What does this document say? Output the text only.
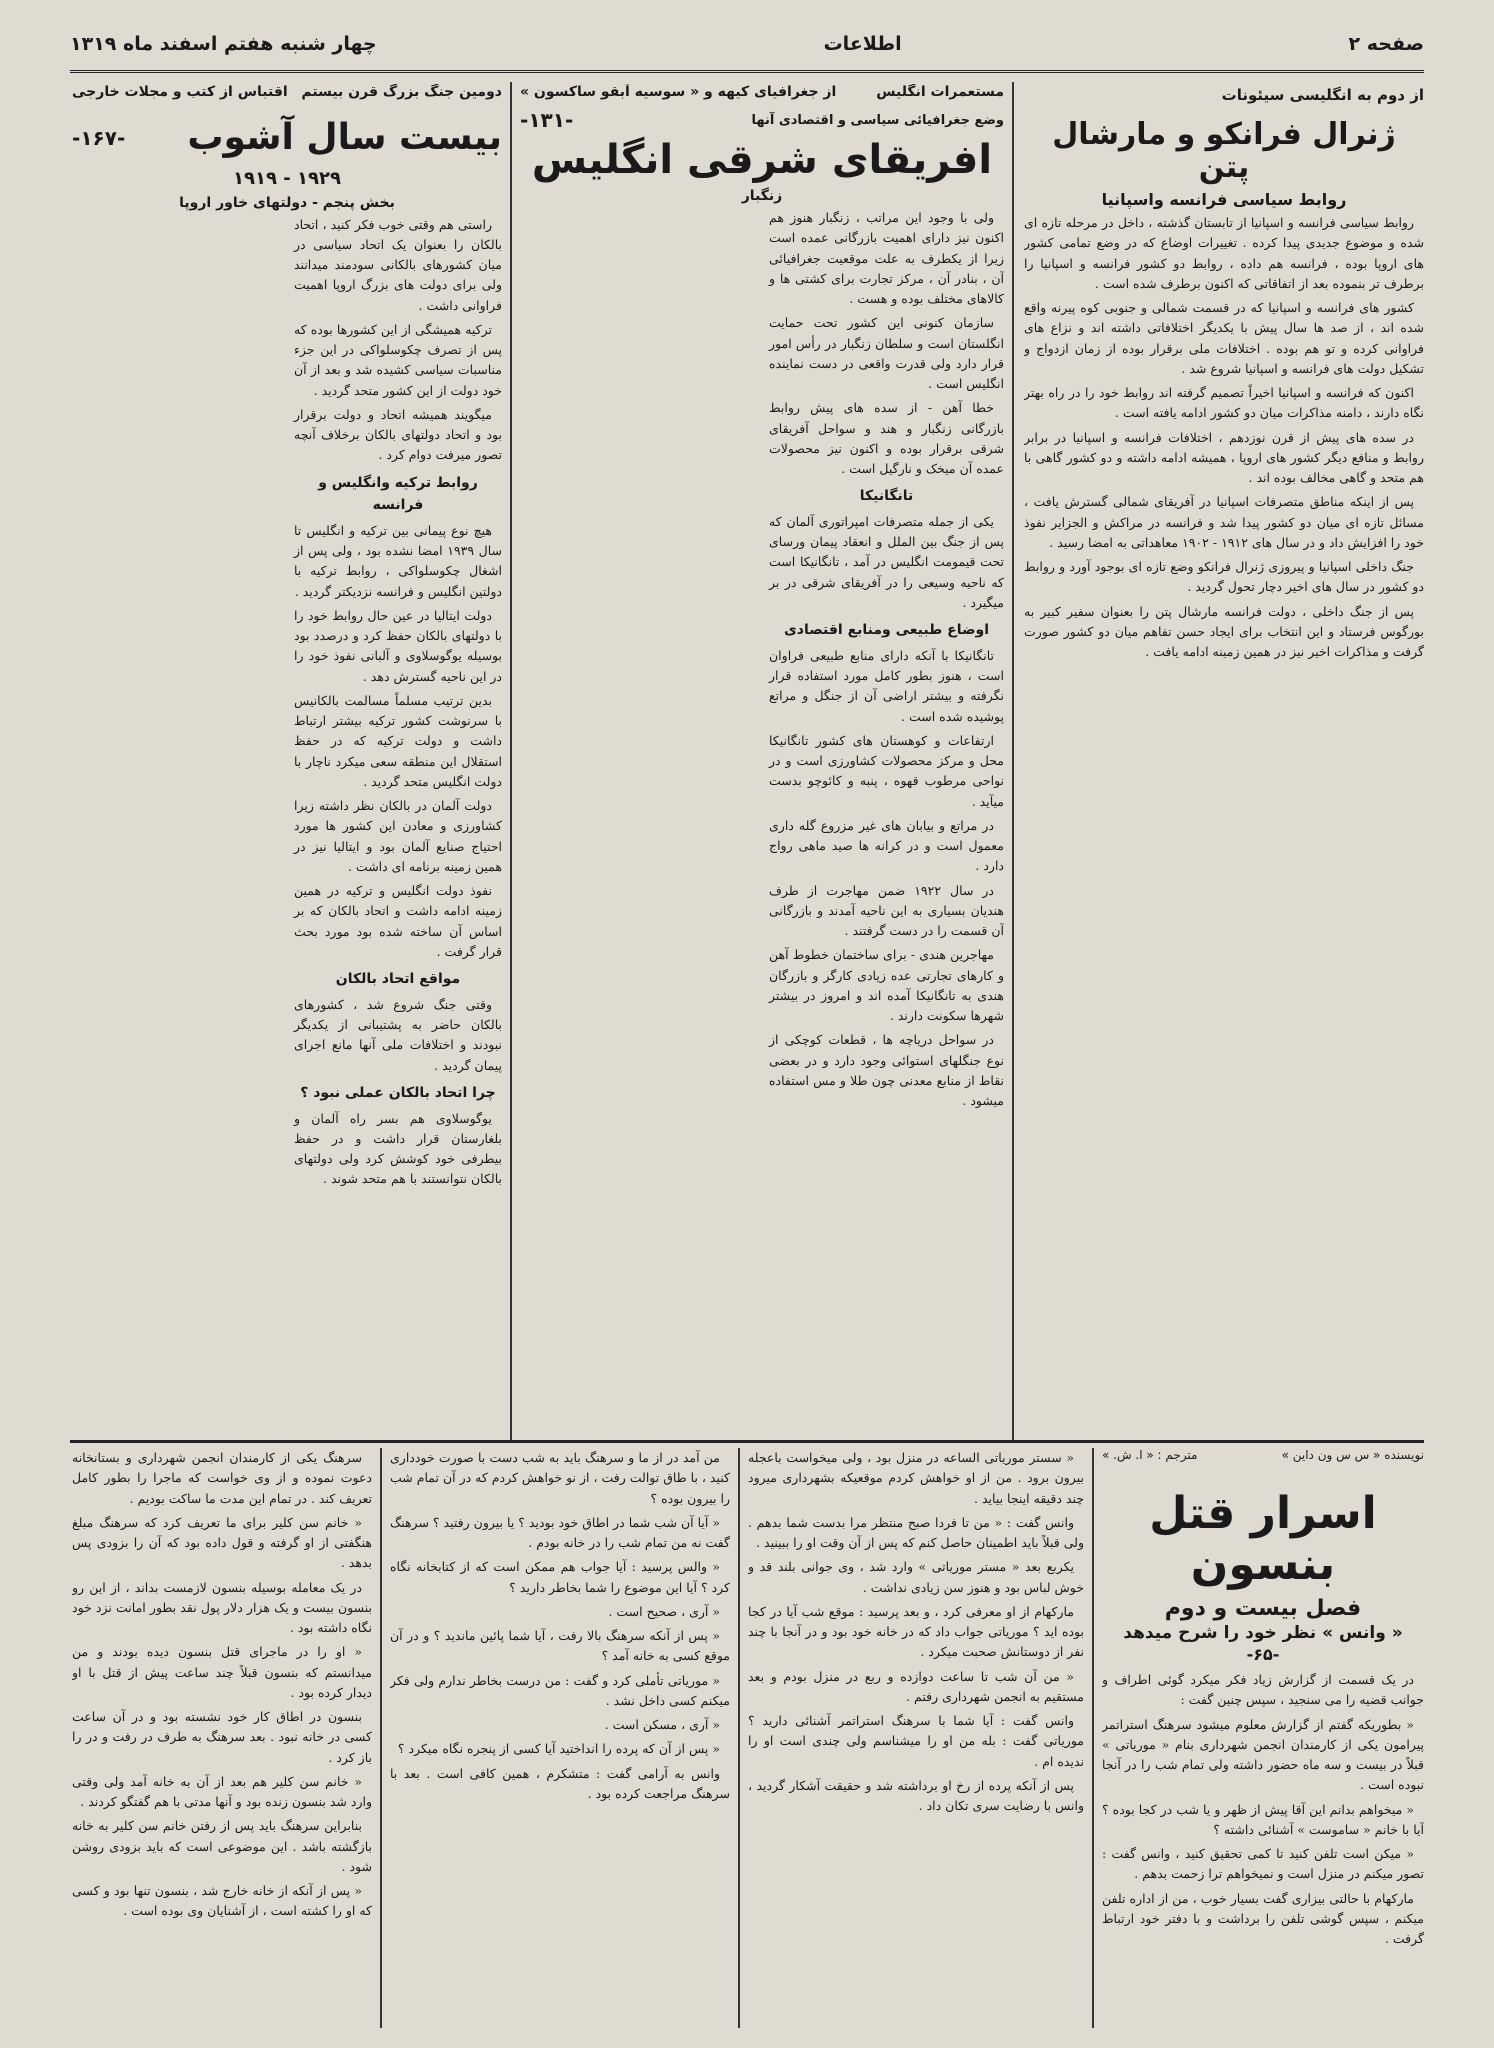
صفحه ۲
اطلاعات
چهار شنبه هفتم اسفند ماه ۱۳۱۹
از دوم به انگلیسی سیئونات
ژنرال فرانکو و مارشال پتن
روابط سیاسی فرانسه واسپانیا

روابط سیاسی فرانسه و اسپانیا از تابستان گذشته ، داخل در مرحله تازه ای شده و موضوع جدیدی پیدا کرده . تغییرات اوضاع که در وضع تمامی کشور های اروپا بوده ، فرانسه هم داده ، روابط دو کشور فرانسه و اسپانیا را برطرف تر بنموده بعد از اتفاقاتی که اکنون برطرف شده است .

کشور های فرانسه و اسپانیا که در قسمت شمالی و جنوبی کوه پیرنه واقع شده اند ، از صد ها سال پیش با یکدیگر اختلافاتی داشته اند و نزاع های فراوانی کرده و تو هم بوده . اختلافات ملی برقرار بوده از زمان ازدواج و تشکیل دولت های فرانسه و اسپانیا شروع شد .

اکنون که فرانسه و اسپانیا اخیراً تصمیم گرفته اند روابط خود را در راه بهتر نگاه دارند ، دامنه مذاکرات میان دو کشور ادامه یافته است .

در سده های پیش از قرن نوزدهم ، اختلافات فرانسه و اسپانیا در برابر روابط و منافع دیگر کشور های اروپا ، همیشه ادامه داشته و دو کشور گاهی با هم متحد و گاهی مخالف بوده اند .

پس از اینکه مناطق متصرفات اسپانیا در آفریقای شمالی گسترش یافت ، مسائل تازه ای میان دو کشور پیدا شد و فرانسه در مراکش و الجزایر نفوذ خود را افزایش داد و در سال های ۱۹۱۲ - ۱۹۰۲ معاهداتی به امضا رسید .

جنگ داخلی اسپانیا و پیروزی ژنرال فرانکو وضع تازه ای بوجود آورد و روابط دو کشور در سال های اخیر دچار تحول گردید .

پس از جنگ داخلی ، دولت فرانسه مارشال پتن را بعنوان سفیر کبیر به بورگوس فرستاد و این انتخاب برای ایجاد حسن تفاهم میان دو کشور صورت گرفت و مذاکرات اخیر نیز در همین زمینه ادامه یافت .

مستعمرات انگلیس
از جغرافیای کیهه و « سوسیه آبقو ساکسون »
وضع جغرافیائی سیاسی و اقتصادی آنها
-۱۳۱-
افریقای شرقی انگلیس
زنگبار

ولی با وجود این مراتب ، زنگبار هنوز هم اکنون نیز دارای اهمیت بازرگانی عمده است زیرا از یکطرف به علت موقعیت جغرافیائی آن ، بنادر آن ، مرکز تجارت برای کشتی ها و کالاهای مختلف بوده و هست .

سازمان کنونی این کشور تحت حمایت انگلستان است و سلطان زنگبار در رأس امور قرار دارد ولی قدرت واقعی در دست نماینده انگلیس است .

خطا آهن - از سده های پیش روابط بازرگانی زنگبار و هند و سواحل آفریقای شرقی برقرار بوده و اکنون نیز محصولات عمده آن میخک و نارگیل است .

تانگانیکا

یکی از جمله متصرفات امپراتوری آلمان که پس از جنگ بین الملل و انعقاد پیمان ورسای تحت قیمومت انگلیس در آمد ، تانگانیکا است که ناحیه وسیعی را در آفریقای شرقی در بر میگیرد .

اوضاع طبیعی ومنابع اقتصادی

تانگانیکا با آنکه دارای منابع طبیعی فراوان است ، هنوز بطور کامل مورد استفاده قرار نگرفته و بیشتر اراضی آن از جنگل و مراتع پوشیده شده است .

ارتفاعات و کوهستان های کشور تانگانیکا محل و مرکز محصولات کشاورزی است و در نواحی مرطوب قهوه ، پنبه و کائوچو بدست میآید .

در مراتع و بیابان های غیر مزروع گله داری معمول است و در کرانه ها صید ماهی رواج دارد .

در سال ۱۹۲۲ ضمن مهاجرت از طرف هندیان بسیاری به این ناحیه آمدند و بازرگانی آن قسمت را در دست گرفتند .

مهاجرین هندی - برای ساختمان خطوط آهن و کارهای تجارتی عده زیادی کارگر و بازرگان هندی به تانگانیکا آمده اند و امروز در بیشتر شهرها سکونت دارند .

در سواحل دریاچه ها ، قطعات کوچکی از نوع جنگلهای استوائی وجود دارد و در بعضی نقاط از منابع معدنی چون طلا و مس استفاده میشود .

دومین جنگ بزرگ قرن بیستم
اقتباس از کتب و مجلات خارجی
بیست سال آشوب
-۱۶۷-
۱۹۲۹ - ۱۹۱۹
بخش پنجم - دولتهای خاور اروپا

راستی هم وقتی خوب فکر کنید ، اتحاد بالکان را بعنوان یک اتحاد سیاسی در میان کشورهای بالکانی سودمند میدانند ولی برای دولت های بزرگ اروپا اهمیت فراوانی داشت .

ترکیه همیشگی از این کشورها بوده که پس از تصرف چکوسلواکی در این جزء مناسبات سیاسی کشیده شد و بعد از آن خود دولت از این کشور متحد گردید .

میگویند همیشه اتحاد و دولت برقرار بود و اتحاد دولتهای بالکان برخلاف آنچه تصور میرفت دوام کرد .

روابط ترکیه وانگلیس و فرانسه

هیچ نوع پیمانی بین ترکیه و انگلیس تا سال ۱۹۳۹ امضا نشده بود ، ولی پس از اشغال چکوسلواکی ، روابط ترکیه با دولتین انگلیس و فرانسه نزدیکتر گردید .

دولت ایتالیا در عین حال روابط خود را با دولتهای بالکان حفظ کرد و درصدد بود بوسیله یوگوسلاوی و آلبانی نفوذ خود را در این ناحیه گسترش دهد .

بدین ترتیب مسلماً مسالمت بالکانیس با سرنوشت کشور ترکیه بیشتر ارتباط داشت و دولت ترکیه که در حفظ استقلال این منطقه سعی میکرد ناچار با دولت انگلیس متحد گردید .

دولت آلمان در بالکان نظر داشته زیرا کشاورزی و معادن این کشور ها مورد احتیاج صنایع آلمان بود و ایتالیا نیز در همین زمینه برنامه ای داشت .

نفوذ دولت انگلیس و ترکیه در همین زمینه ادامه داشت و اتحاد بالکان که بر اساس آن ساخته شده بود مورد بحث قرار گرفت .

مواقع اتحاد بالکان

وقتی جنگ شروع شد ، کشورهای بالکان حاضر به پشتیبانی از یکدیگر نبودند و اختلافات ملی آنها مانع اجرای پیمان گردید .

چرا اتحاد بالکان عملی نبود ؟

یوگوسلاوی هم بسر راه آلمان و بلغارستان قرار داشت و در حفظ بیطرفی خود کوشش کرد ولی دولتهای بالکان نتوانستند با هم متحد شوند .

نویسنده « س س ون داین »
مترجم : « ا. ش. »
اسرار قتل بنسون
فصل بیست و دوم
« وانس » نظر خود را شرح میدهد
-۶۵-

در یک قسمت از گزارش زیاد فکر میکرد گوئی اطراف و جوانب قضیه را می سنجید ، سپس چنین گفت :

« بطوریکه گفتم از گزارش معلوم میشود سرهنگ استراتمر پیرامون یکی از کارمندان انجمن شهرداری بنام « موریاتی » قبلاً در بیست و سه ماه حضور داشته ولی تمام شب را در آنجا نبوده است .

« میخواهم بدانم این آقا پیش از ظهر و یا شب در کجا بوده ؟ آیا با خانم « ساموست » آشنائی داشته ؟

« میکن است تلفن کنید تا کمی تحقیق کنید ، وانس گفت : تصور میکنم در منزل است و نمیخواهم ترا زحمت بدهم .

مارکهام با حالتی بیزاری گفت بسیار خوب ، من از اداره تلفن میکنم ، سپس گوشی تلفن را برداشت و با دفتر خود ارتباط گرفت .

« سستر موریاتی الساعه در منزل بود ، ولی میخواست باعجله بیرون برود . من از او خواهش کردم موقعیکه بشهرداری میرود چند دقیقه اینجا بیاید .

وانس گفت : « من تا فردا صبح منتظر مرا بدست شما بدهم . ولی قبلاً باید اطمینان حاصل کنم که پس از آن وقت او را ببینید .

یکربع بعد « مستر موریاتی » وارد شد ، وی جوانی بلند قد و خوش لباس بود و هنوز سن زیادی نداشت .

مارکهام از او معرفی کرد ، و بعد پرسید : موقع شب آیا در کجا بوده اید ؟ موریاتی جواب داد که در خانه خود بود و در آنجا با چند نفر از دوستانش صحبت میکرد .

« من آن شب تا ساعت دوازده و ربع در منزل بودم و بعد مستقیم به انجمن شهرداری رفتم .

وانس گفت : آیا شما با سرهنگ استراتمر آشنائی دارید ؟ موریاتی گفت : بله من او را میشناسم ولی چندی است او را ندیده ام .

پس از آنکه پرده از رخ او برداشته شد و حقیقت آشکار گردید ، وانس با رضایت سری تکان داد .

من آمد در از ما و سرهنگ باید به شب دست با صورت خودداری کنید ، با طاق توالت رفت ، از نو خواهش کردم که در آن تمام شب را بیرون بوده ؟

« آیا آن شب شما در اطاق خود بودید ؟ یا بیرون رفتید ؟ سرهنگ گفت نه من تمام شب را در خانه بودم .

« والس پرسید : آیا جواب هم ممکن است که از کتابخانه نگاه کرد ؟ آیا این موضوع را شما بخاطر دارید ؟

« آری ، صحیح است .

« پس از آنکه سرهنگ بالا رفت ، آیا شما پائین ماندید ؟ و در آن موقع کسی به خانه آمد ؟

« موریاتی تأملی کرد و گفت : من درست بخاطر ندارم ولی فکر میکنم کسی داخل نشد .

« آری ، مسکن است .

« پس از آن که پرده را انداختید آیا کسی از پنجره نگاه میکرد ؟

وانس به آرامی گفت : متشکرم ، همین کافی است . بعد با سرهنگ مراجعت کرده بود .

سرهنگ یکی از کارمندان انجمن شهرداری و بستانخانه دعوت نموده و از وی خواست که ماجرا را بطور کامل تعریف کند . در تمام این مدت ما ساکت بودیم .

« خانم سن کلیر برای ما تعریف کرد که سرهنگ مبلغ هنگفتی از او گرفته و قول داده بود که آن را بزودی پس بدهد .

در یک معامله بوسیله بنسون لازمست بداند ، از این رو بنسون بیست و یک هزار دلار پول نقد بطور امانت نزد خود نگاه داشته بود .

« او را در ماجرای قتل بنسون دیده بودند و من میدانستم که بنسون قبلاً چند ساعت پیش از قتل با او دیدار کرده بود .

بنسون در اطاق کار خود نشسته بود و در آن ساعت کسی در خانه نبود . بعد سرهنگ به طرف در رفت و در را باز کرد .

« خانم سن کلیر هم بعد از آن به خانه آمد ولی وقتی وارد شد بنسون زنده بود و آنها مدتی با هم گفتگو کردند .

بنابراین سرهنگ باید پس از رفتن خانم سن کلیر به خانه بازگشته باشد . این موضوعی است که باید بزودی روشن شود .

« پس از آنکه از خانه خارج شد ، بنسون تنها بود و کسی که او را کشته است ، از آشنایان وی بوده است .
